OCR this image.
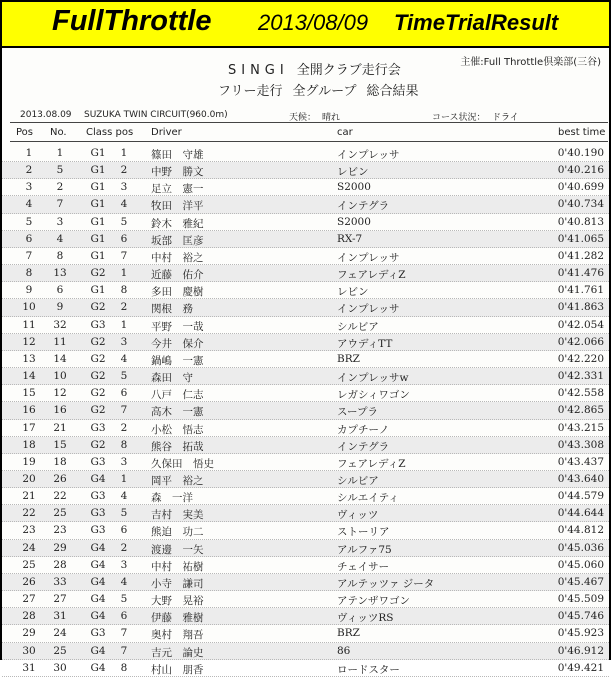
FullThrottle 2013/08/09 TimeTrialResult
主催:Full Throttle倶楽部(三谷)
SINGI 全開クラブ走行会
フリー走行 全グループ 総合結果
2013.08.09 SUZUKA TWIN CIRCUIT(960.0m)	天候： 晴れ	コース状況： ドライ
Pos No. Class pos Driver	car	best time
1	1	G1	1	篠田　守雄	インプレッサ	0'40.190
2	5	G1	2	中野　勝文	レビン	0'40.216
3	2	G1	3	足立　憲一	S2000	0'40.699
4	7	G1	4	牧田　洋平	インテグラ	0'40.734
5	3	G1	5	鈴木　雅紀	S2000	0'40.813
6	4	G1	6	坂部　匡彦	RX-7	0'41.065
7	8	G1	7	中村　裕之	インプレッサ	0'41.282
8	13	G2	1	近藤　佑介	フェアレディZ	0'41.476
9	6	G1	8	多田　慶樹	レビン	0'41.761
10	9	G2	2	関根　務	インプレッサ	0'41.863
11	32	G3	1	平野　一哉	シルビア	0'42.054
12	11	G2	3	今井　保介	アウディTT	0'42.066
13	14	G2	4	鍋嶋　一憲	BRZ	0'42.220
14	10	G2	5	森田　守	インプレッサw	0'42.331
15	12	G2	6	八戸　仁志	レガシィワゴン	0'42.558
16	16	G2	7	高木　一憲	スープラ	0'42.865
17	21	G3	2	小松　悟志	カプチーノ	0'43.215
18	15	G2	8	熊谷　拓哉	インテグラ	0'43.308
19	18	G3	3	久保田　悟史	フェアレディZ	0'43.437
20	26	G4	1	岡平　裕之	シルビア	0'43.640
21	22	G3	4	森　一洋	シルエイティ	0'44.579
22	25	G3	5	吉村　実美	ヴィッツ	0'44.644
23	23	G3	6	熊迫　功二	ストーリア	0'44.812
24	29	G4	2	渡邊　一矢	アルファ75	0'45.036
25	28	G4	3	中村　祐樹	チェイサー	0'45.060
26	33	G4	4	小寺　謙司	アルテッツァ ジータ	0'45.467
27	27	G4	5	大野　晃裕	アテンザワゴン	0'45.509
28	31	G4	6	伊藤　雅樹	ヴィッツRS	0'45.746
29	24	G3	7	奥村　翔吾	BRZ	0'45.923
30	25	G4	7	吉元　論史	86	0'46.912
31	30	G4	8	村山　朋香	ロードスター	0'49.421
